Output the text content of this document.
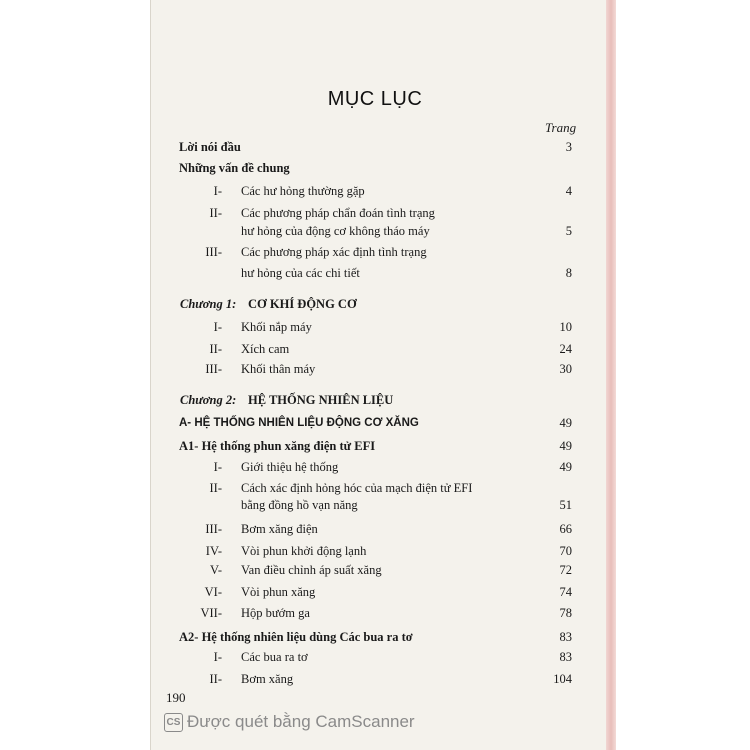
MỤC LỤC
Trang
Lời nói đầu	3
Những vấn đề chung
I- Các hư hỏng thường gặp	4
II- Các phương pháp chẩn đoán tình trạng
hư hỏng của động cơ không tháo máy	5
III- Các phương pháp xác định tình trạng
hư hỏng của các chi tiết	8
Chương 1: CƠ KHÍ ĐỘNG CƠ
I- Khối nắp máy	10
II- Xích cam	24
III- Khối thân máy	30
Chương 2: HỆ THỐNG NHIÊN LIỆU
A- HỆ THỐNG NHIÊN LIỆU ĐỘNG CƠ XĂNG	49
A1- Hệ thống phun xăng điện tử EFI	49
I- Giới thiệu hệ thống	49
II- Cách xác định hỏng hóc của mạch điện tử EFI
bằng đồng hồ vạn năng	51
III- Bơm xăng điện	66
IV- Vòi phun khởi động lạnh	70
V- Van điều chỉnh áp suất xăng	72
VI- Vòi phun xăng	74
VII- Hộp bướm ga	78
A2- Hệ thống nhiên liệu dùng Các bua ra tơ	83
I- Các bua ra tơ	83
II- Bơm xăng	104
190
CS Được quét bằng CamScanner
